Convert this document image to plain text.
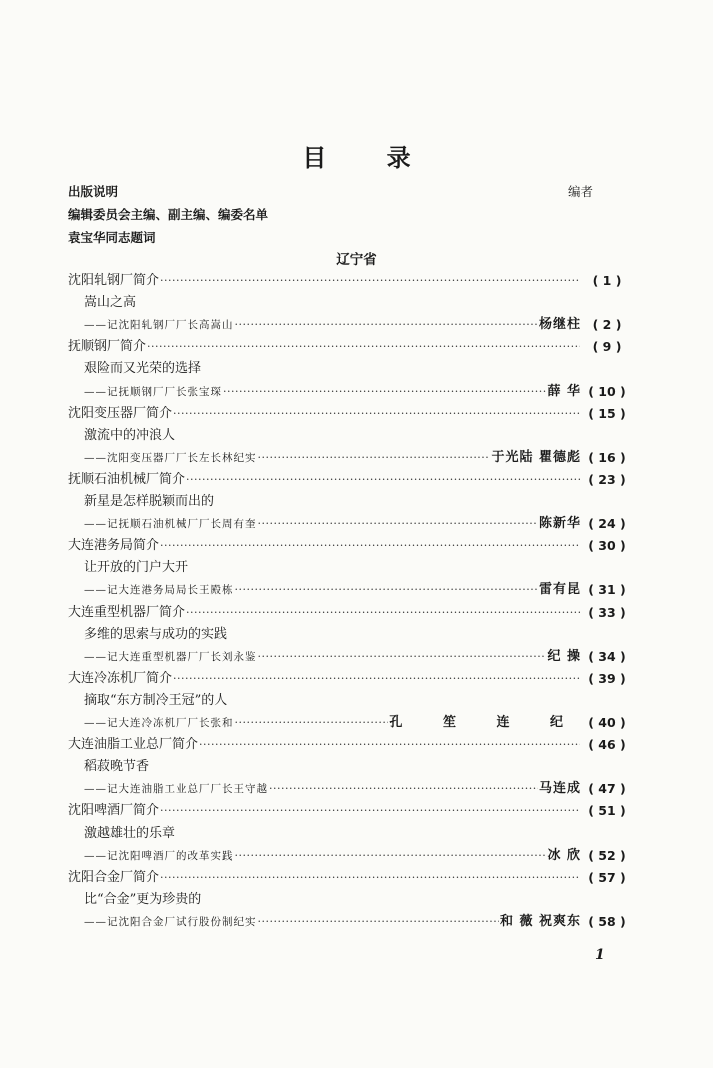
目 录
出版说明	编者
编辑委员会主编、副主编、编委名单
袁宝华同志题词
辽宁省
沈阳轧钢厂简介 ·····	( 1 )
嵩山之高
——记沈阳轧钢厂厂长高嵩山 ·····	杨继柱 ( 2 )
抚顺钢厂简介 ·····	( 9 )
艰险而又光荣的选择
——记抚顺钢厂厂长张宝琛 ·····	薛 华 ( 10 )
沈阳变压器厂简介 ·····	( 15 )
激流中的冲浪人
——沈阳变压器厂厂长左长林纪实 ·····	于光陆 瞿德彪 ( 16 )
抚顺石油机械厂简介 ·····	( 23 )
新星是怎样脱颖而出的
——记抚顺石油机械厂厂长周有奎 ·····	陈新华 ( 24 )
大连港务局简介 ·····	( 30 )
让开放的门户大开
——记大连港务局局长王殿栋 ·····	雷有昆 ( 31 )
大连重型机器厂简介 ·····	( 33 )
多维的思索与成功的实践
——记大连重型机器厂厂长刘永鉴 ·····	纪 操 ( 34 )
大连冷冻机厂简介 ·····	( 39 )
摘取“东方制冷王冠”的人
——记大连冷冻机厂厂长张和 ·····	孔 笙 连 纪 ( 40 )
大连油脂工业总厂简介 ·····	( 46 )
稻菽晚节香
——记大连油脂工业总厂厂长王守越 ·····	马连成 ( 47 )
沈阳啤酒厂简介 ·····	( 51 )
激越雄壮的乐章
——记沈阳啤酒厂的改革实践 ·····	冰 欣 ( 52 )
沈阳合金厂简介 ·····	( 57 )
比“合金”更为珍贵的
——记沈阳合金厂试行股份制纪实 ·····	和 薇 祝爽东 ( 58 )
1
